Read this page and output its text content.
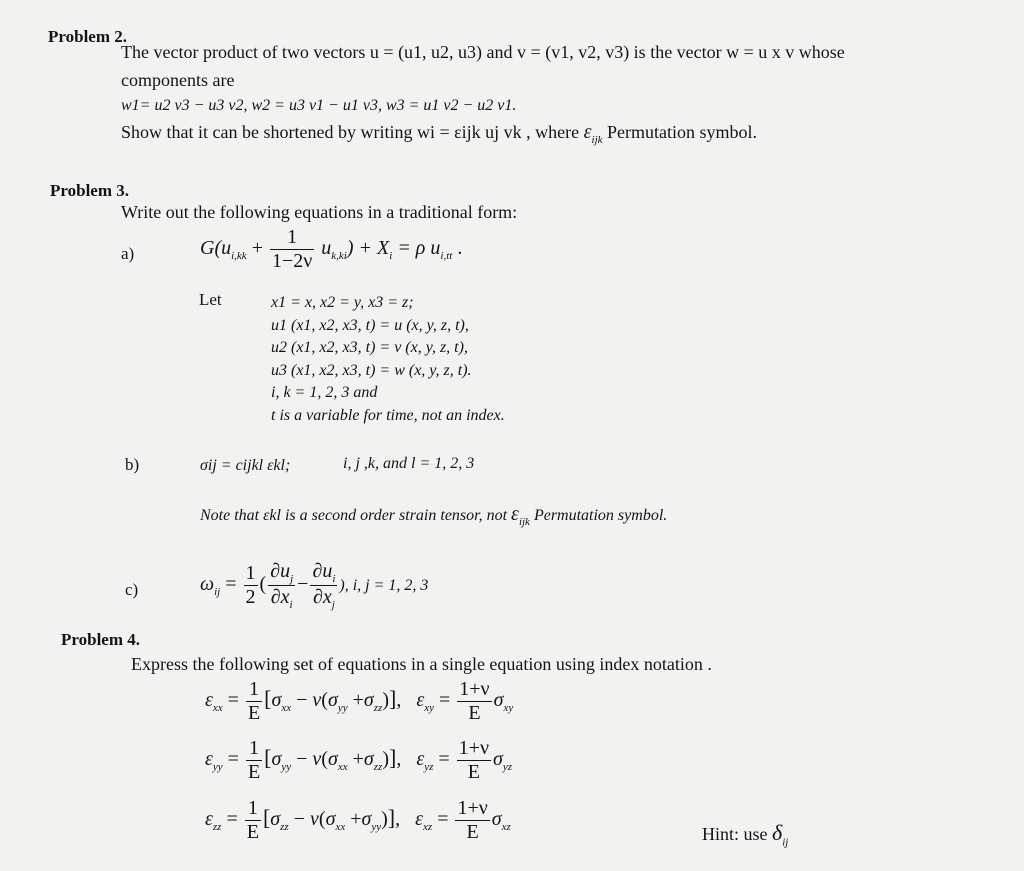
Problem 2.
The vector product of two vectors u = (u1, u2, u3) and v = (v1, v2, v3) is the vector w = u x v whose
components are
w1= u2 v3 − u3 v2, w2 = u3 v1 − u1 v3, w3 = u1 v2 − u2 v1.
Show that it can be shortened by writing wi = εijk uj vk , where $\varepsilon_{ijk}$ Permutation symbol.
Problem 3.
Write out the following equations in a traditional form:
a)	$G(u_{i,kk} + \frac{1}{1-2\nu} u_{k,ki}) + X_i = \rho$ $u_{i,tt}$ .
Let	x1 = x, x2 = y, x3 = z;
u1 (x1, x2, x3, t) = u (x, y, z, t),
u2 (x1, x2, x3, t) = v (x, y, z, t),
u3 (x1, x2, x3, t) = w (x, y, z, t).
i, k = 1, 2, 3 and
t is a variable for time, not an index.
b)	σij = cijkl εkl;	i, j ,k, and l = 1, 2, 3
Note that εkl is a second order strain tensor, not $\varepsilon_{ijk}$ Permutation symbol.
c)	$\omega_{ij} = \frac{1}{2}$ ( $\frac{\partial u_j}{\partial x_i} - \frac{\partial u_i}{\partial x_j}$ ), i, j = 1, 2, 3
Problem 4.
Express the following set of equations in a single equation using index notation .
$\varepsilon_{xx} = \frac{1}{E} [\sigma_{xx} - \nu(\sigma_{yy} +\sigma_{zz})]$, $\varepsilon_{xy} = \frac{1+\nu}{E} \sigma_{xy}$
$\varepsilon_{yy} = \frac{1}{E} [\sigma_{yy} - \nu(\sigma_{xx} +\sigma_{zz})]$, $\varepsilon_{yz} = \frac{1+\nu}{E} \sigma_{yz}$
$\varepsilon_{zz} = \frac{1}{E} [\sigma_{zz} - \nu(\sigma_{xx} +\sigma_{yy})]$, $\varepsilon_{xz} = \frac{1+\nu}{E} \sigma_{xz}$	Hint: use $\delta_{ij}$
